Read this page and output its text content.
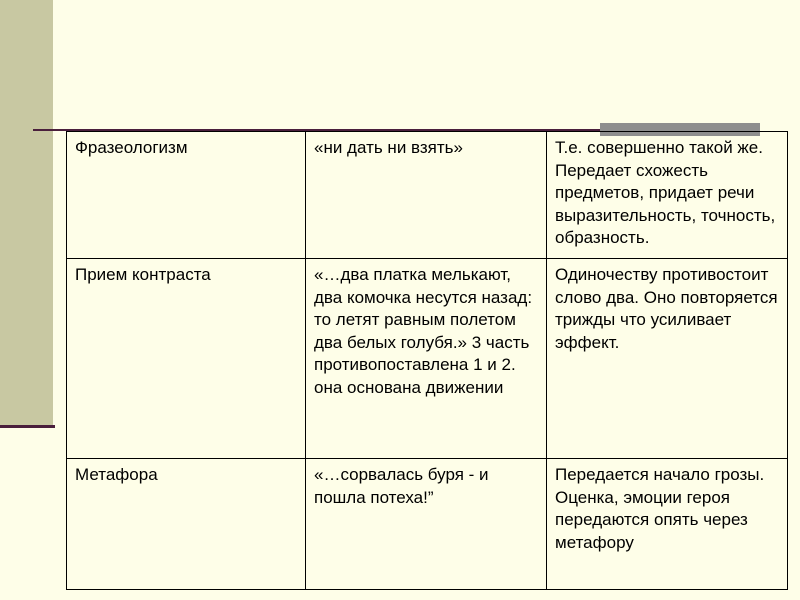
Фразеологизм	«ни дать ни взять»	Т.е. совершенно такой же. Передает схожесть предметов, придает речи выразительность, точность, образность.
Прием контраста	«…два платка мелькают, два комочка несутся назад: то летят равным полетом два белых голубя.» 3 часть противопоставлена 1 и 2. она основана движении	Одиночеству противостоит слово два. Оно повторяется трижды что усиливает эффект.
Метафора	«…сорвалась буря - и пошла потеха!”	Передается начало грозы. Оценка, эмоции героя передаются опять через метафору
